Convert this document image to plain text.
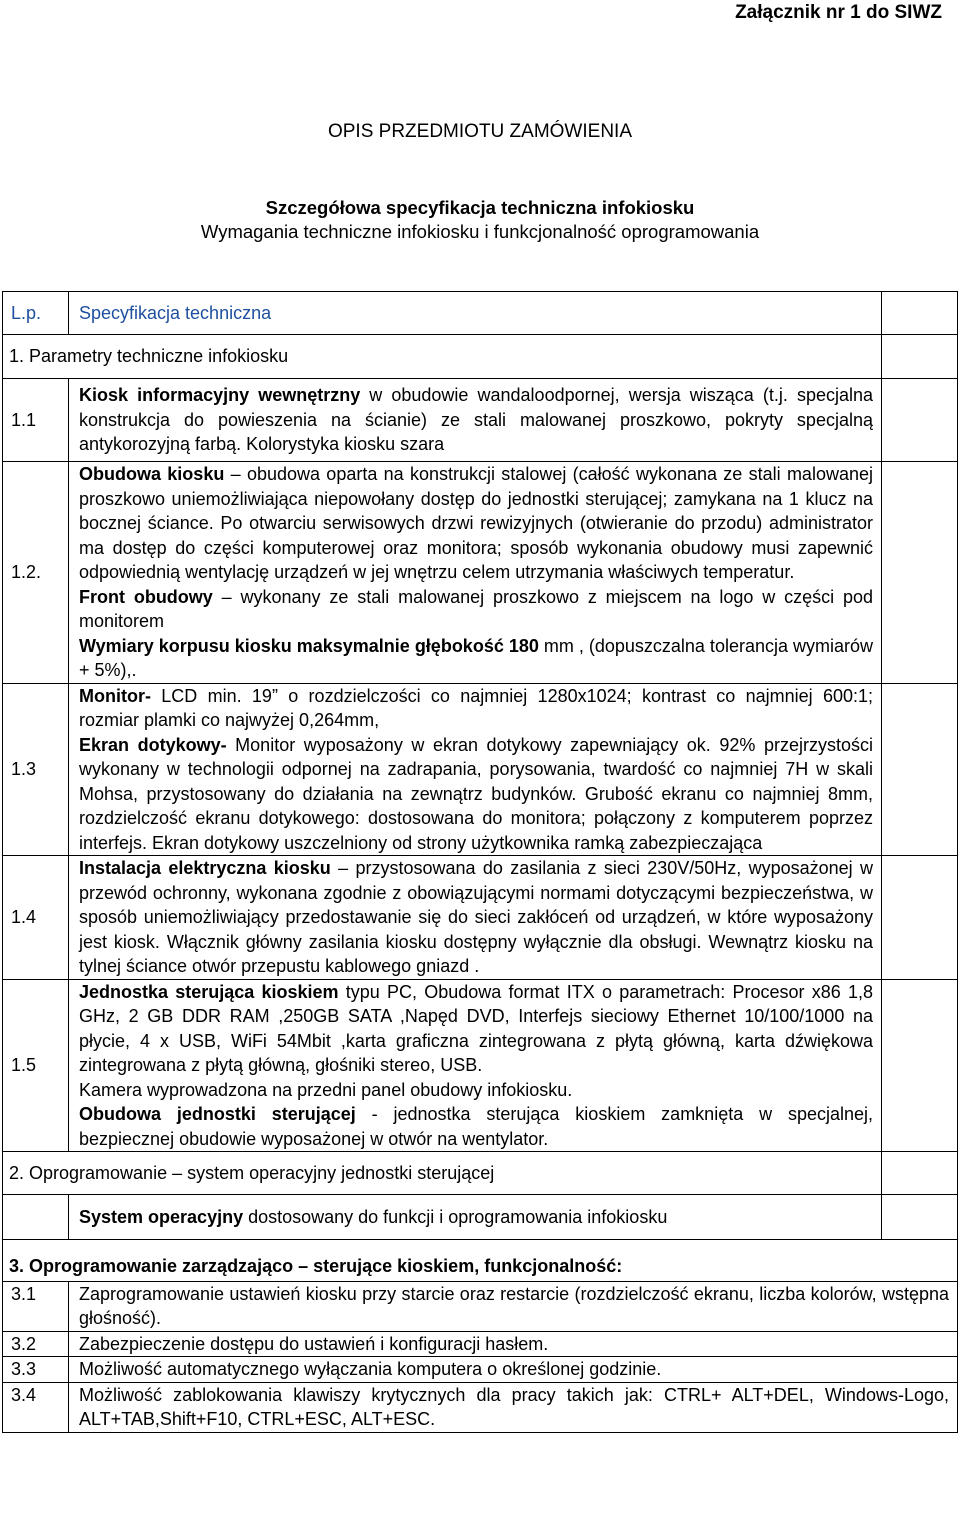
Załącznik nr 1 do SIWZ
OPIS PRZEDMIOTU ZAMÓWIENIA
Szczegółowa specyfikacja techniczna infokiosku
Wymagania techniczne infokiosku i funkcjonalność oprogramowania
L.p.	Specyfikacja techniczna	
1. Parametry techniczne infokiosku		
1.1	Kiosk informacyjny wewnętrzny w obudowie wandaloodpornej, wersja wisząca (t.j. specjalna konstrukcja do powieszenia na ścianie) ze stali malowanej proszkowo, pokryty specjalną antykorozyjną farbą. Kolorystyka kiosku szara	
1.2.	Obudowa kiosku – obudowa oparta na konstrukcji stalowej (całość wykonana ze stali malowanej proszkowo uniemożliwiająca niepowołany dostęp do jednostki sterującej; zamykana na 1 klucz na bocznej ściance. Po otwarciu serwisowych drzwi rewizyjnych (otwieranie do przodu) administrator ma dostęp do części komputerowej oraz monitora; sposób wykonania obudowy musi zapewnić odpowiednią wentylację urządzeń w jej wnętrzu celem utrzymania właściwych temperatur.
Front obudowy – wykonany ze stali malowanej proszkowo z miejscem na logo w części pod monitorem
Wymiary korpusu kiosku maksymalnie głębokość 180 mm , (dopuszczalna tolerancja wymiarów + 5%),.	

1.3	Monitor- LCD min. 19” o rozdzielczości co najmniej 1280x1024; kontrast co najmniej 600:1; rozmiar plamki co najwyżej 0,264mm,
Ekran dotykowy- Monitor wyposażony w ekran dotykowy zapewniający ok. 92% przejrzystości wykonany w technologii odpornej na zadrapania, porysowania, twardość co najmniej 7H w skali Mohsa, przystosowany do działania na zewnątrz budynków. Grubość ekranu co najmniej 8mm, rozdzielczość ekranu dotykowego: dostosowana do monitora; połączony z komputerem poprzez interfejs. Ekran dotykowy uszczelniony od strony użytkownika ramką zabezpieczająca	

1.4	Instalacja elektryczna kiosku – przystosowana do zasilania z sieci 230V/50Hz, wyposażonej w przewód ochronny, wykonana zgodnie z obowiązującymi normami dotyczącymi bezpieczeństwa, w sposób uniemożliwiający przedostawanie się do sieci zakłóceń od urządzeń, w które wyposażony jest kiosk. Włącznik główny zasilania kiosku dostępny wyłącznie dla obsługi. Wewnątrz kiosku na tylnej ściance otwór przepustu kablowego gniazd .	
1.5	Jednostka sterująca kioskiem typu PC, Obudowa format ITX o parametrach: Procesor x86 1,8 GHz, 2 GB DDR RAM ,250GB SATA ,Napęd DVD, Interfejs sieciowy Ethernet 10/100/1000 na płycie, 4 x USB, WiFi 54Mbit ,karta graficzna zintegrowana z płytą główną, karta dźwiękowa zintegrowana z płytą główną, głośniki stereo, USB.
Kamera wyprowadzona na przedni panel obudowy infokiosku.
Obudowa jednostki sterującej - jednostka sterująca kioskiem zamknięta w specjalnej, bezpiecznej obudowie wyposażonej w otwór na wentylator.	

2. Oprogramowanie – system operacyjny jednostki sterującej		
	System operacyjny dostosowany do funkcji i oprogramowania infokiosku	
3. Oprogramowanie zarządzająco – sterujące kioskiem, funkcjonalność:		
3.1	Zaprogramowanie ustawień kiosku przy starcie oraz restarcie (rozdzielczość ekranu, liczba kolorów, wstępna głośność).	
3.2	Zabezpieczenie dostępu do ustawień i konfiguracji hasłem.	
3.3	Możliwość automatycznego wyłączania komputera o określonej godzinie.	
3.4	Możliwość zablokowania klawiszy krytycznych dla pracy takich jak: CTRL+ ALT+DEL, Windows-Logo, ALT+TAB,Shift+F10, CTRL+ESC, ALT+ESC.	
